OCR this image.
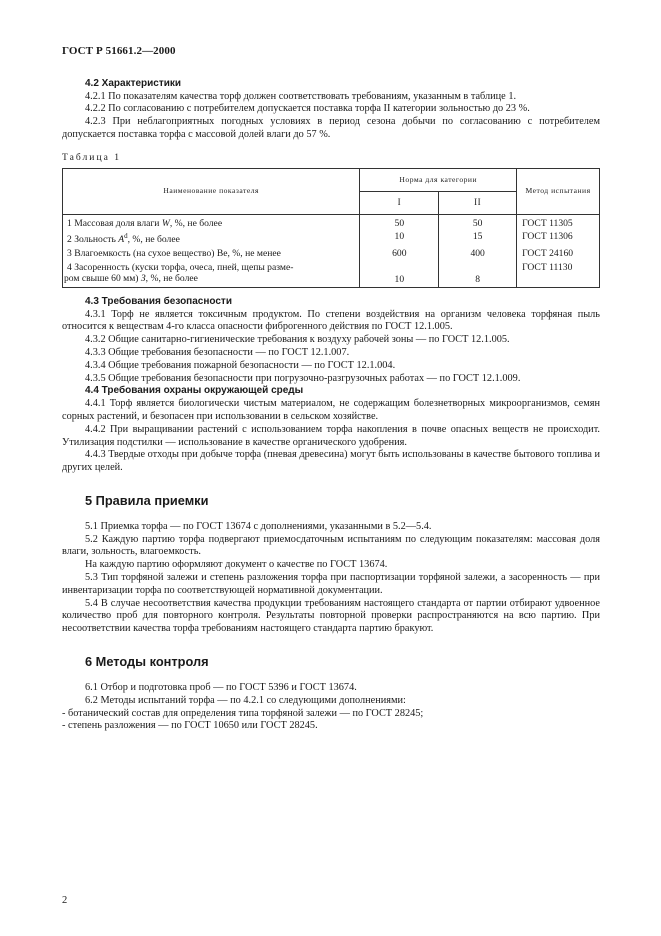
ГОСТ Р 51661.2—2000
4.2 Характеристики

4.2.1 По показателям качества торф должен соответствовать требованиям, указанным в таблице 1.

4.2.2 По согласованию с потребителем допускается поставка торфа II категории зольностью до 23 %.

4.2.3 При неблагоприятных погодных условиях в период сезона добычи по согласованию с потребителем допускается поставка торфа с массовой долей влаги до 57 %.

Таблица 1
Наименование показателя	Норма для категории		Метод испытания
	I	II	
1 Массовая доля влаги W, %, не более	50	50	ГОСТ 11305
2 Зольность $A^d$, %, не более	10	15	ГОСТ 11306
3 Влагоемкость (на сухое вещество) Ве, %, не менее	600	400	ГОСТ 24160

4 Засоренность (куски торфа, очеса, пней, щепы разме-
ром свыше 60 мм) З, %, не более	10	8	ГОСТ 11130
4.3 Требования безопасности

4.3.1 Торф не является токсичным продуктом. По степени воздействия на организм человека торфяная пыль относится к веществам 4-го класса опасности фиброгенного действия по ГОСТ 12.1.005.

4.3.2 Общие санитарно-гигиенические требования к воздуху рабочей зоны — по ГОСТ 12.1.005.

4.3.3 Общие требования безопасности — по ГОСТ 12.1.007.

4.3.4 Общие требования пожарной безопасности — по ГОСТ 12.1.004.

4.3.5 Общие требования безопасности при погрузочно-разгрузочных работах — по ГОСТ 12.1.009.

4.4 Требования охраны окружающей среды

4.4.1 Торф является биологически чистым материалом, не содержащим болезнетворных микроорганизмов, семян сорных растений, и безопасен при использовании в сельском хозяйстве.

4.4.2 При выращивании растений с использованием торфа накопления в почве опасных веществ не происходит. Утилизация подстилки — использование в качестве органического удобрения.

4.4.3 Твердые отходы при добыче торфа (пневая древесина) могут быть использованы в качестве бытового топлива и других целей.

5 Правила приемки

5.1 Приемка торфа — по ГОСТ 13674 с дополнениями, указанными в 5.2—5.4.

5.2 Каждую партию торфа подвергают приемосдаточным испытаниям по следующим показателям: массовая доля влаги, зольность, влагоемкость.

На каждую партию оформляют документ о качестве по ГОСТ 13674.

5.3 Тип торфяной залежи и степень разложения торфа при паспортизации торфяной залежи, а засоренность — при инвентаризации торфа по соответствующей нормативной документации.

5.4 В случае несоответствия качества продукции требованиям настоящего стандарта от партии отбирают удвоенное количество проб для повторного контроля. Результаты повторной проверки распространяются на всю партию. При несоответствии качества торфа требованиям настоящего стандарта партию бракуют.

6 Методы контроля

6.1 Отбор и подготовка проб — по ГОСТ 5396 и ГОСТ 13674.

6.2 Методы испытаний торфа — по 4.2.1 со следующими дополнениями:

- ботанический состав для определения типа торфяной залежи — по ГОСТ 28245;

- степень разложения — по ГОСТ 10650 или ГОСТ 28245.

2
